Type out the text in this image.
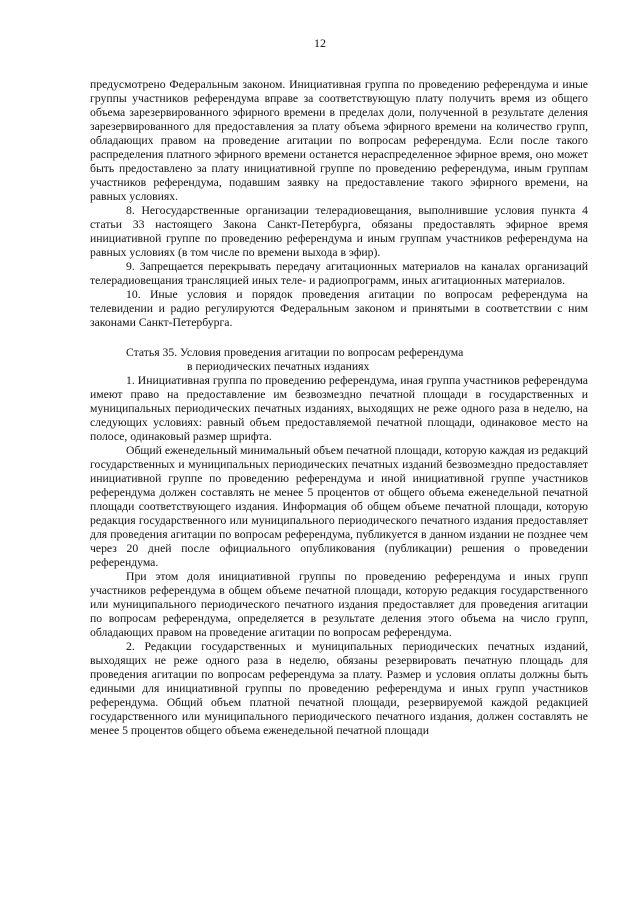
12

предусмотрено Федеральным законом. Инициативная группа по проведению референдума и иные группы участников референдума вправе за соответствующую плату получить время из общего объема зарезервированного эфирного времени в пределах доли, полученной в результате деления зарезервированного для предоставления за плату объема эфирного времени на количество групп, обладающих правом на проведение агитации по вопросам референдума. Если после такого распределения платного эфирного времени останется нераспределенное эфирное время, оно может быть предоставлено за плату инициативной группе по проведению референдума, иным группам участников референдума, подавшим заявку на предоставление такого эфирного времени, на равных условиях.

8. Негосударственные организации телерадиовещания, выполнившие условия пункта 4 статьи 33 настоящего Закона Санкт-Петербурга, обязаны предоставлять эфирное время инициативной группе по проведению референдума и иным группам участников референдума на равных условиях (в том числе по времени выхода в эфир).

9. Запрещается перекрывать передачу агитационных материалов на каналах организаций телерадиовещания трансляцией иных теле- и радиопрограмм, иных агитационных материалов.

10. Иные условия и порядок проведения агитации по вопросам референдума на телевидении и радио регулируются Федеральным законом и принятыми в соответствии с ним законами Санкт-Петербурга.

Статья 35. Условия проведения агитации по вопросам референдума
в периодических печатных изданиях

1. Инициативная группа по проведению референдума, иная группа участников референдума имеют право на предоставление им безвозмездно печатной площади в государственных и муниципальных периодических печатных изданиях, выходящих не реже одного раза в неделю, на следующих условиях: равный объем предоставляемой печатной площади, одинаковое место на полосе, одинаковый размер шрифта.

Общий еженедельный минимальный объем печатной площади, которую каждая из редакций государственных и муниципальных периодических печатных изданий безвозмездно предоставляет инициативной группе по проведению референдума и иной инициативной группе участников референдума должен составлять не менее 5 процентов от общего объема еженедельной печатной площади соответствующего издания. Информация об общем объеме печатной площади, которую редакция государственного или муниципального периодического печатного издания предоставляет для проведения агитации по вопросам референдума, публикуется в данном издании не позднее чем через 20 дней после официального опубликования (публикации) решения о проведении референдума.

При этом доля инициативной группы по проведению референдума и иных групп участников референдума в общем объеме печатной площади, которую редакция государственного или муниципального периодического печатного издания предоставляет для проведения агитации по вопросам референдума, определяется в результате деления этого объема на число групп, обладающих правом на проведение агитации по вопросам референдума.

2. Редакции государственных и муниципальных периодических печатных изданий, выходящих не реже одного раза в неделю, обязаны резервировать печатную площадь для проведения агитации по вопросам референдума за плату. Размер и условия оплаты должны быть едиными для инициативной группы по проведению референдума и иных групп участников референдума. Общий объем платной печатной площади, резервируемой каждой редакцией государственного или муниципального периодического печатного издания, должен составлять не менее 5 процентов общего объема еженедельной печатной площади
